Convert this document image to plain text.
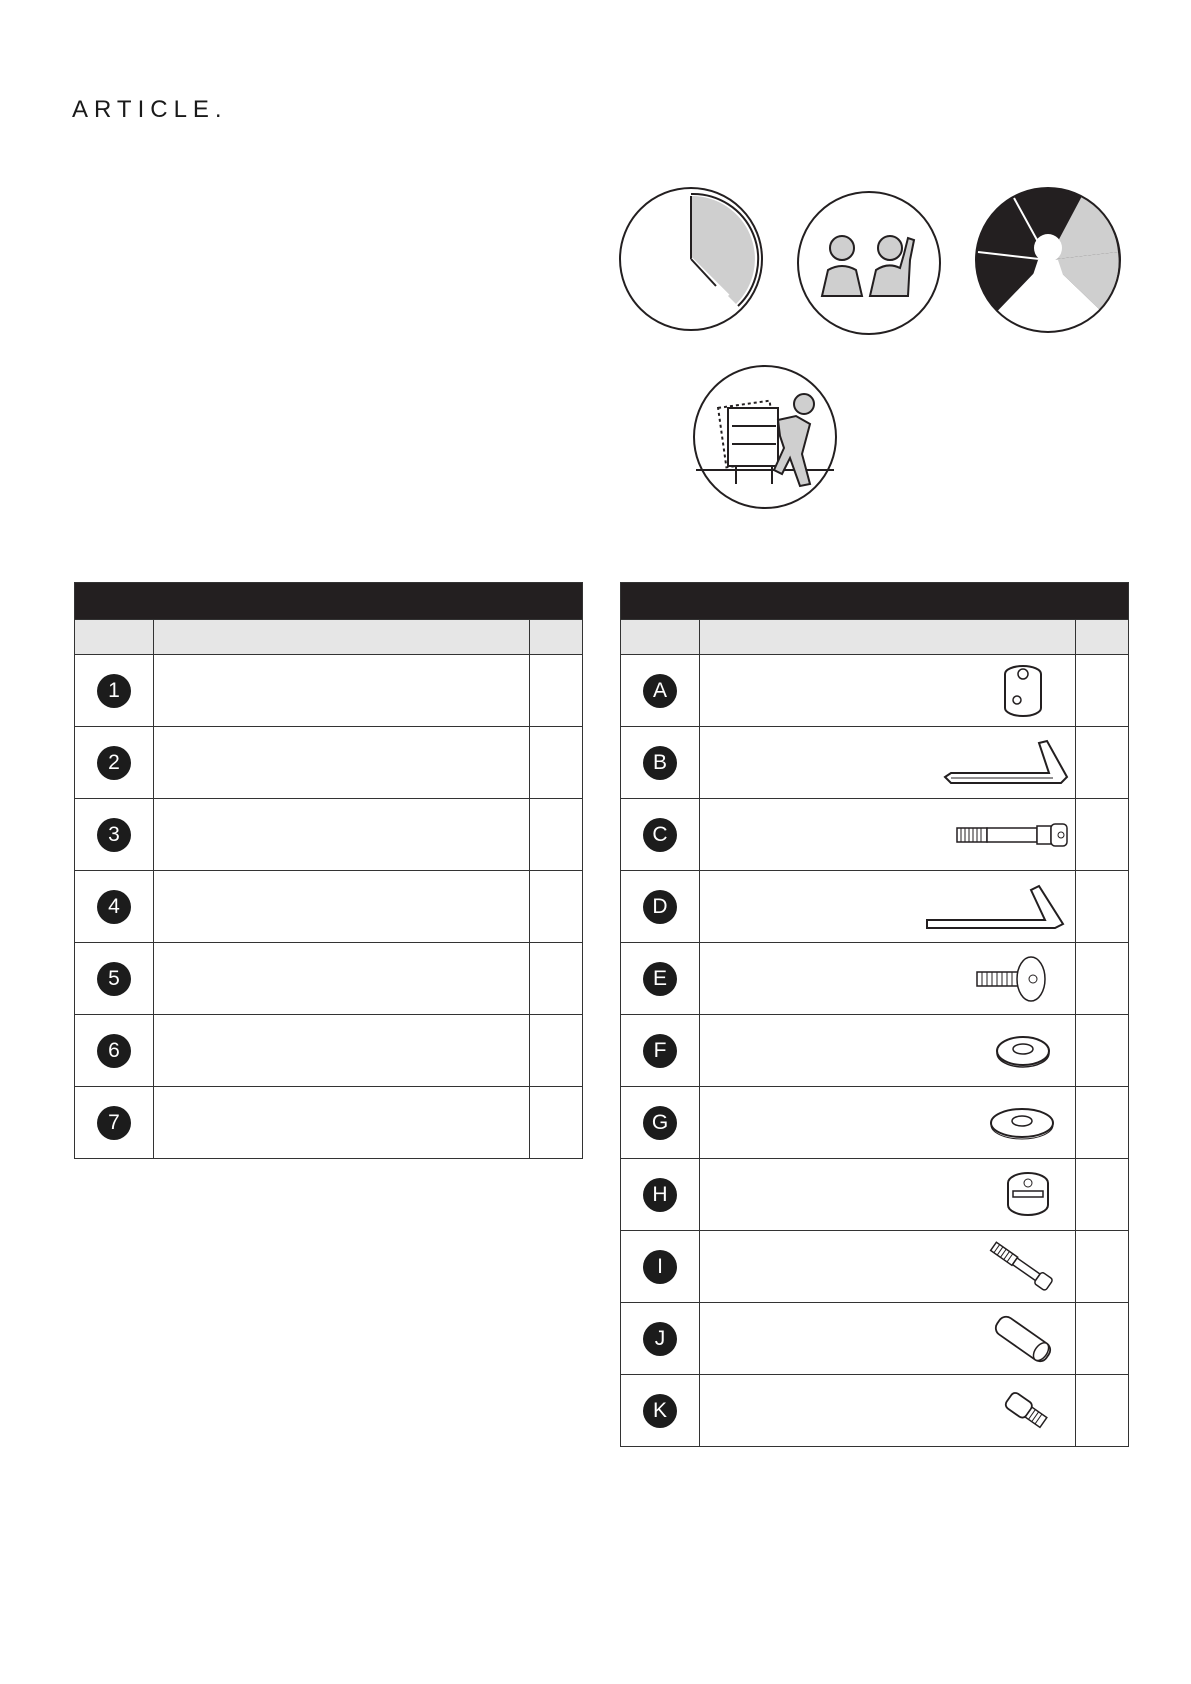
ARTICLE.

1		

2		

3		

4		

5		

6		

7		

A

B

C

D

E

F

G

H

I

J

K
